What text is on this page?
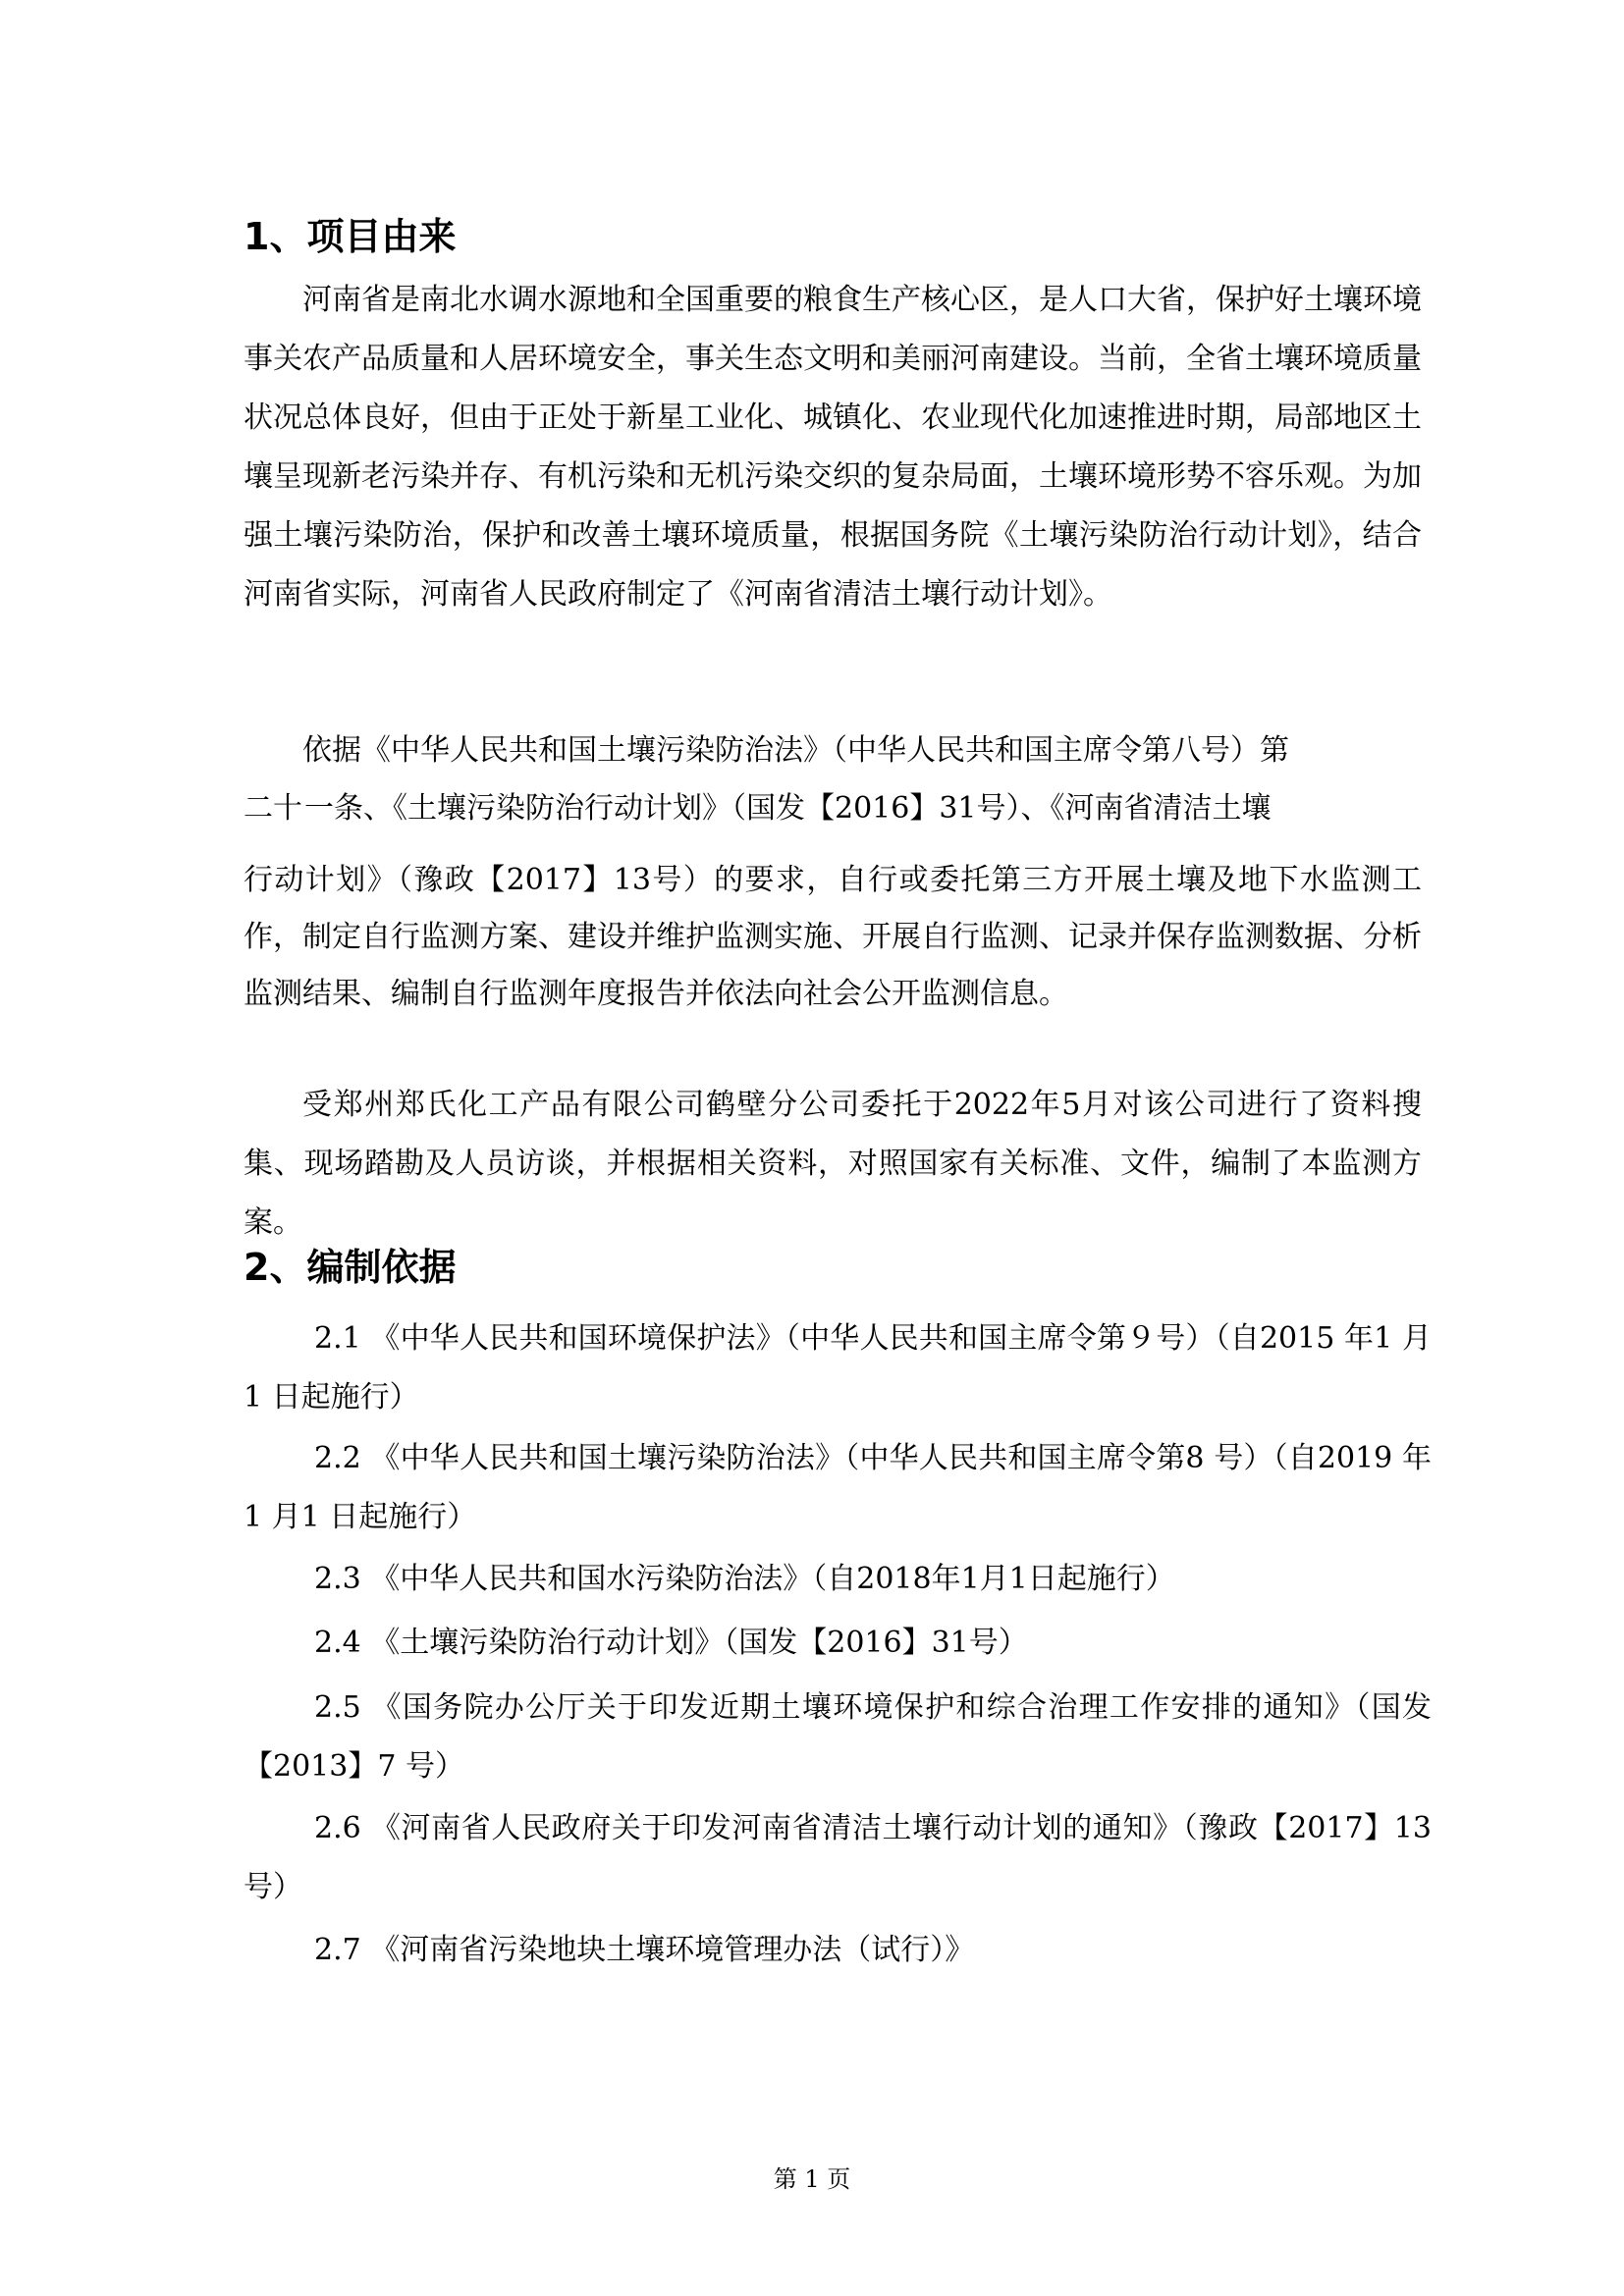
1、项目由来

河南省是南北水调水源地和全国重要的粮食生产核心区，是人口大省，保护好土壤环境事关农产品质量和人居环境安全，事关生态文明和美丽河南建设。当前，全省土壤环境质量状况总体良好，但由于正处于新星工业化、城镇化、农业现代化加速推进时期，局部地区土壤呈现新老污染并存、有机污染和无机污染交织的复杂局面，土壤环境形势不容乐观。为加强土壤污染防治，保护和改善土壤环境质量，根据国务院《土壤污染防治行动计划》，结合河南省实际，河南省人民政府制定了《河南省清洁土壤行动计划》。

依据《中华人民共和国土壤污染防治法》（中华人民共和国主席令第八号）第

二十 一条、《土壤污染防治行动计划》（国发【2016】31号）、《河南省清洁土壤

行动计划》（豫政【2017】13号）的要求，自行或委托第三方开展土壤及地下水监测工作，制定自行监测方案、建设并维护监测实施、开展自行监测、记录并保存监测数据、分析监测结果、编制自行监测年度报告并依法向社会公开监测信息。

受郑州郑氏化工产品有限公司鹤壁分公司委托于2022年5月对该公司进行了资料搜集、现场踏勘及人员访谈，并根据相关资料，对照国家有关标准、文件，编制了本监测方案。

2、编制依据

2.1 《中华人民共和国环境保护法》（中华人民共和国主席令第９号）（自2015 年1 月1 日起施行）

2.2 《中华人民共和国土壤污染防治法》（中华人民共和国主席令第8 号）（自2019 年1 月1 日起施行）

2.3 《中华人民共和国水污染防治法》（自2018年1月1日起施行）

2.4 《土壤污染防治行动计划》（国发【2016】31号）

2.5 《国务院办公厅关于印发近期土壤环境保护和综合治理工作安排的通知》（国发【2013】7 号）

2.6 《河南省人民政府关于印发河南省清洁土壤行动计划的通知》（豫政【2017】13号）

2.7 《河南省污染地块土壤环境管理办法（试行）》

第 1 页
